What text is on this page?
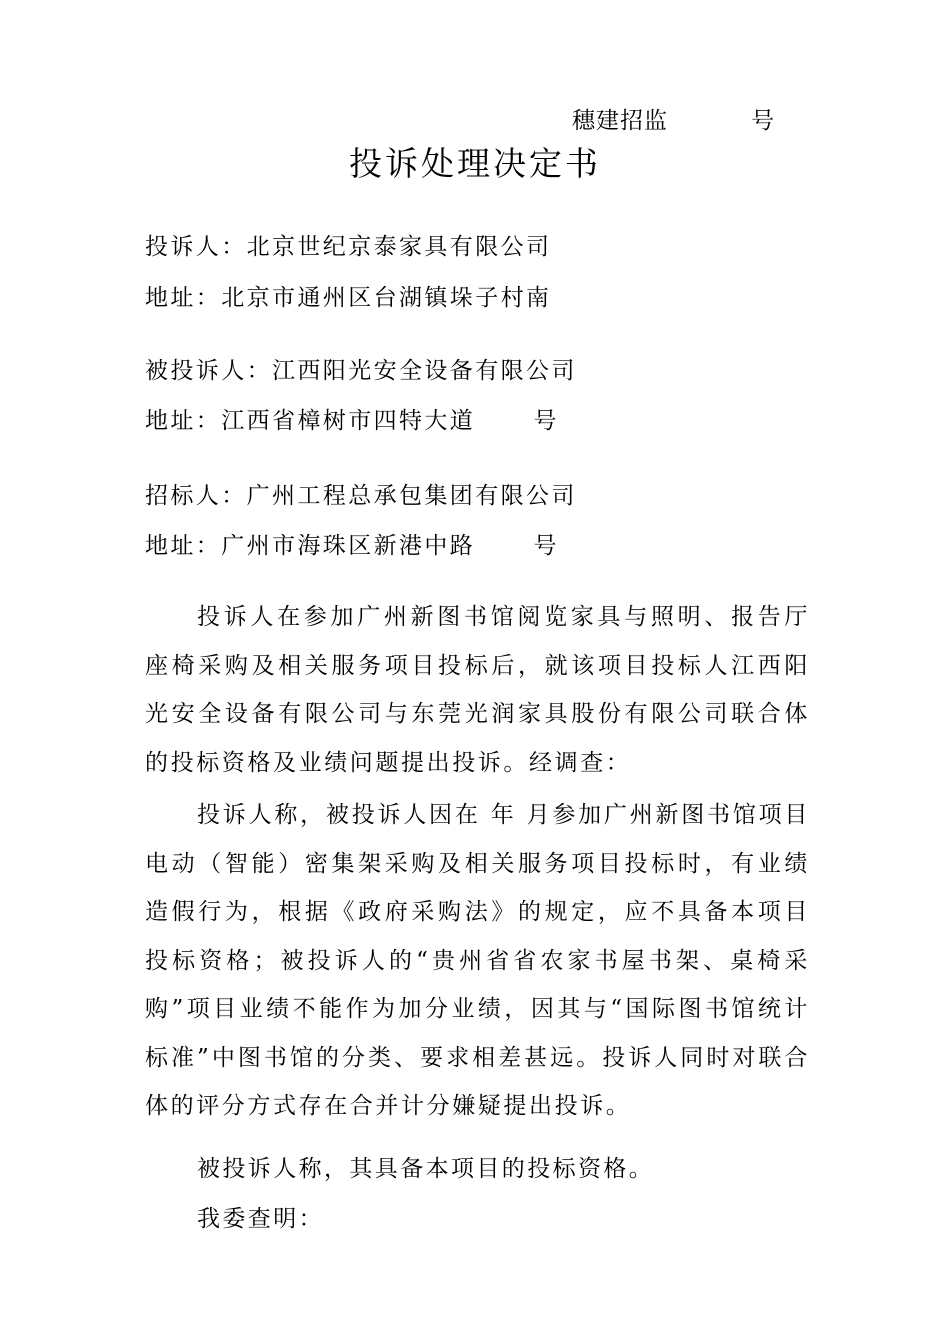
穗建招监          号
投诉处理决定书
投诉人：北京世纪京泰家具有限公司
地址：北京市通州区台湖镇垛子村南
被投诉人：江西阳光安全设备有限公司
地址：江西省樟树市四特大道      号
招标人：广州工程总承包集团有限公司
地址：广州市海珠区新港中路      号
投诉人在参加广州新图书馆阅览家具与照明、报告厅座椅采购及相关服务项目投标后，就该项目投标人江西阳光安全设备有限公司与东莞光润家具股份有限公司联合体的投标资格及业绩问题提出投诉。经调查：
投诉人称，被投诉人因在 年 月参加广州新图书馆项目电动（智能）密集架采购及相关服务项目投标时，有业绩造假行为，根据《政府采购法》的规定，应不具备本项目投标资格；被投诉人的“贵州省省农家书屋书架、桌椅采购”项目业绩不能作为加分业绩，因其与“国际图书馆统计标准”中图书馆的分类、要求相差甚远。投诉人同时对联合体的评分方式存在合并计分嫌疑提出投诉。
被投诉人称，其具备本项目的投标资格。
我委查明：
